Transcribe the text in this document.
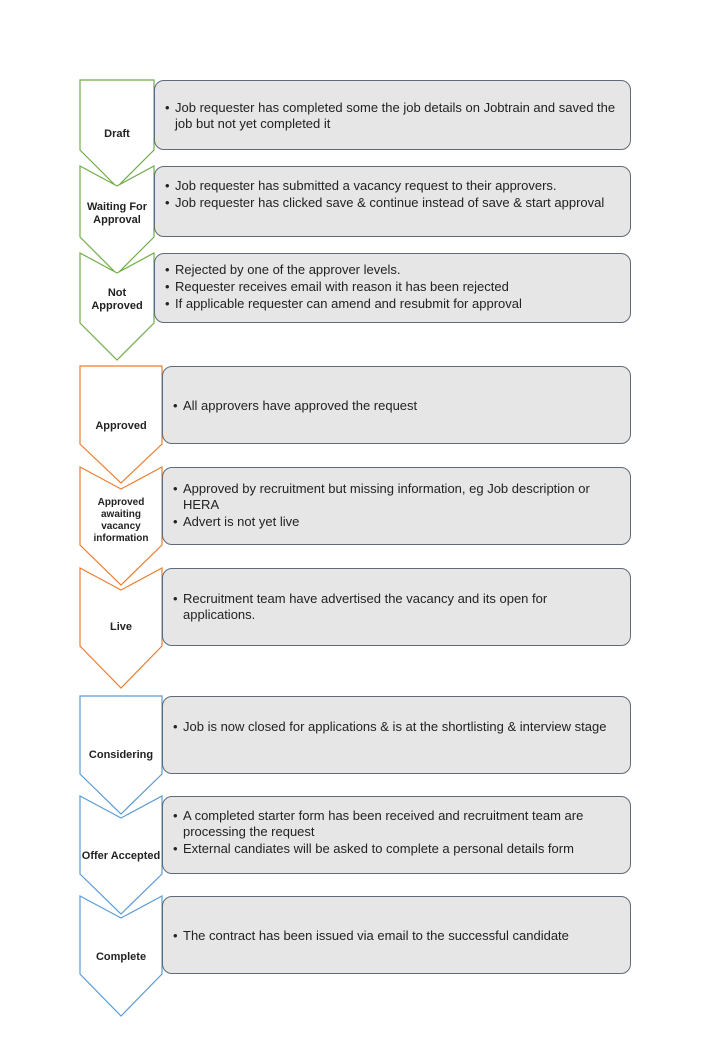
Draft
• Job requester has completed some the job details on Jobtrain and saved the job but not yet completed it
Waiting For
Approval
• Job requester has submitted a vacancy request to their approvers.
• Job requester has clicked save & continue instead of save & start approval
Not
Approved
• Rejected by one of the approver levels.
• Requester receives email with reason it has been rejected
• If applicable requester can amend and resubmit for approval
Approved
• All approvers have approved the request
Approved
awaiting vacancy
information
• Approved by recruitment but missing information, eg Job description or HERA
• Advert is not yet live
Live
• Recruitment team have advertised the vacancy and its open for applications.
Considering
• Job is now closed for applications & is at the shortlisting & interview stage
Offer Accepted
• A completed starter form has been received and recruitment team are processing the request
• External candiates will be asked to complete a personal details form
Complete
• The contract has been issued via email to the successful candidate
